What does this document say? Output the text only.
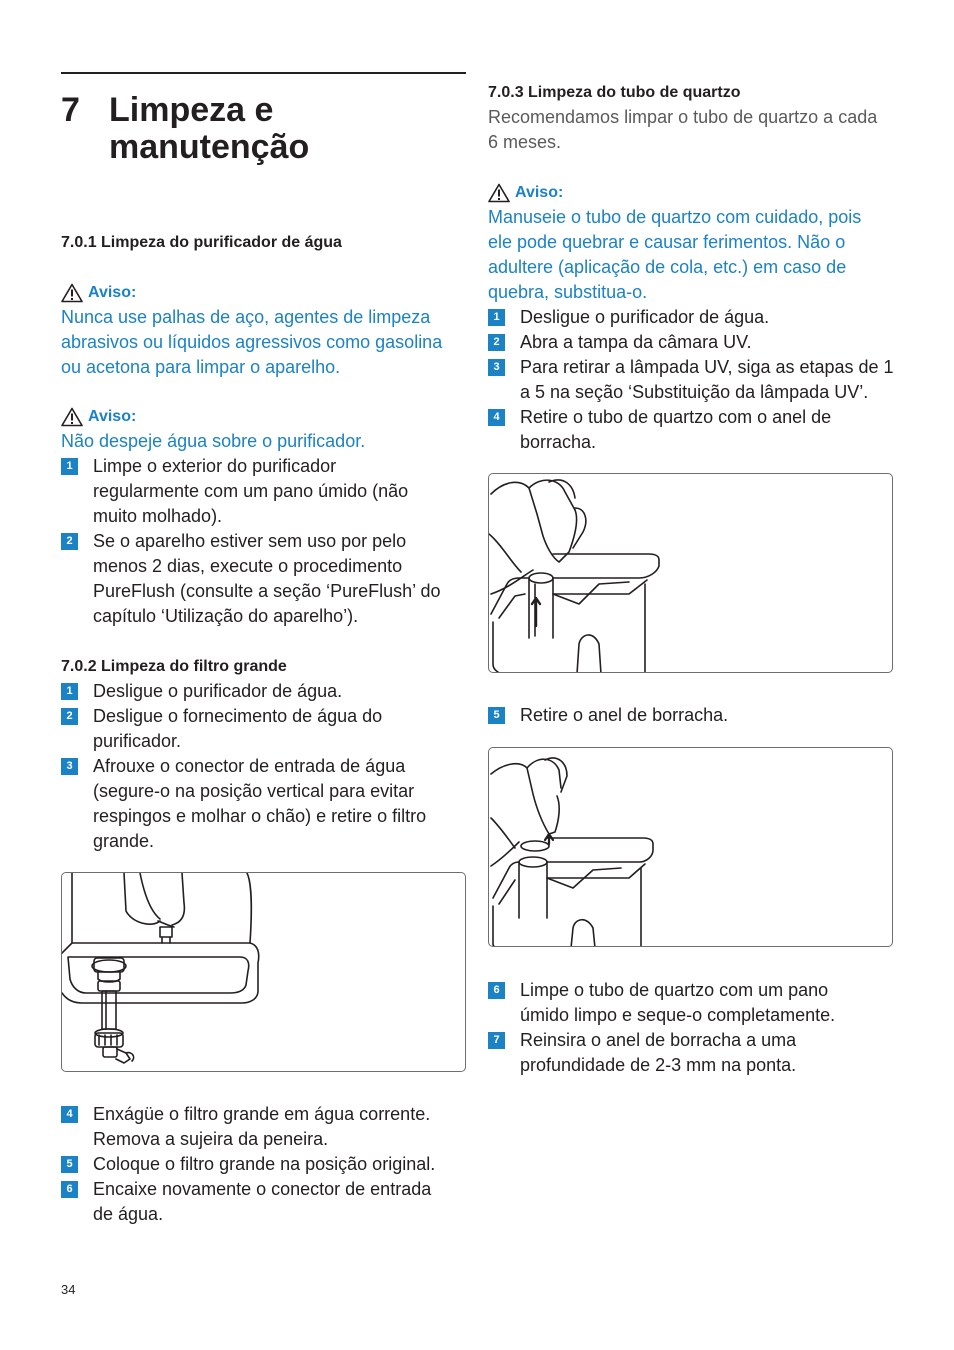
7 Limpeza e
manutenção
7.0.1 Limpeza do purificador de água
Aviso:
Nunca use palhas de aço, agentes de limpeza
abrasivos ou líquidos agressivos como gasolina
ou acetona para limpar o aparelho.
Aviso:
Não despeje água sobre o purificador.
1	Limpe o exterior do purificador
regularmente com um pano úmido (não
muito molhado).
2	Se o aparelho estiver sem uso por pelo
menos 2 dias, execute o procedimento
PureFlush (consulte a seção ‘PureFlush’ do
capítulo ‘Utilização do aparelho’).
7.0.2 Limpeza do filtro grande
1	Desligue o purificador de água.
2	Desligue o fornecimento de água do
purificador.
3	Afrouxe o conector de entrada de água
(segure-o na posição vertical para evitar
respingos e molhar o chão) e retire o filtro
grande.
4	Enxágüe o filtro grande em água corrente.
Remova a sujeira da peneira.
5	Coloque o filtro grande na posição original.
6	Encaixe novamente o conector de entrada
de água.
7.0.3 Limpeza do tubo de quartzo
Recomendamos limpar o tubo de quartzo a cada
6 meses.
Aviso:
Manuseie o tubo de quartzo com cuidado, pois
ele pode quebrar e causar ferimentos. Não o
adultere (aplicação de cola, etc.) em caso de
quebra, substitua-o.
1	Desligue o purificador de água.
2	Abra a tampa da câmara UV.
3	Para retirar a lâmpada UV, siga as etapas de 1
a 5 na seção ‘Substituição da lâmpada UV’.
4	Retire o tubo de quartzo com o anel de
borracha.
5	Retire o anel de borracha.
6	Limpe o tubo de quartzo com um pano
úmido limpo e seque-o completamente.
7	Reinsira o anel de borracha a uma
profundidade de 2-3 mm na ponta.
34
